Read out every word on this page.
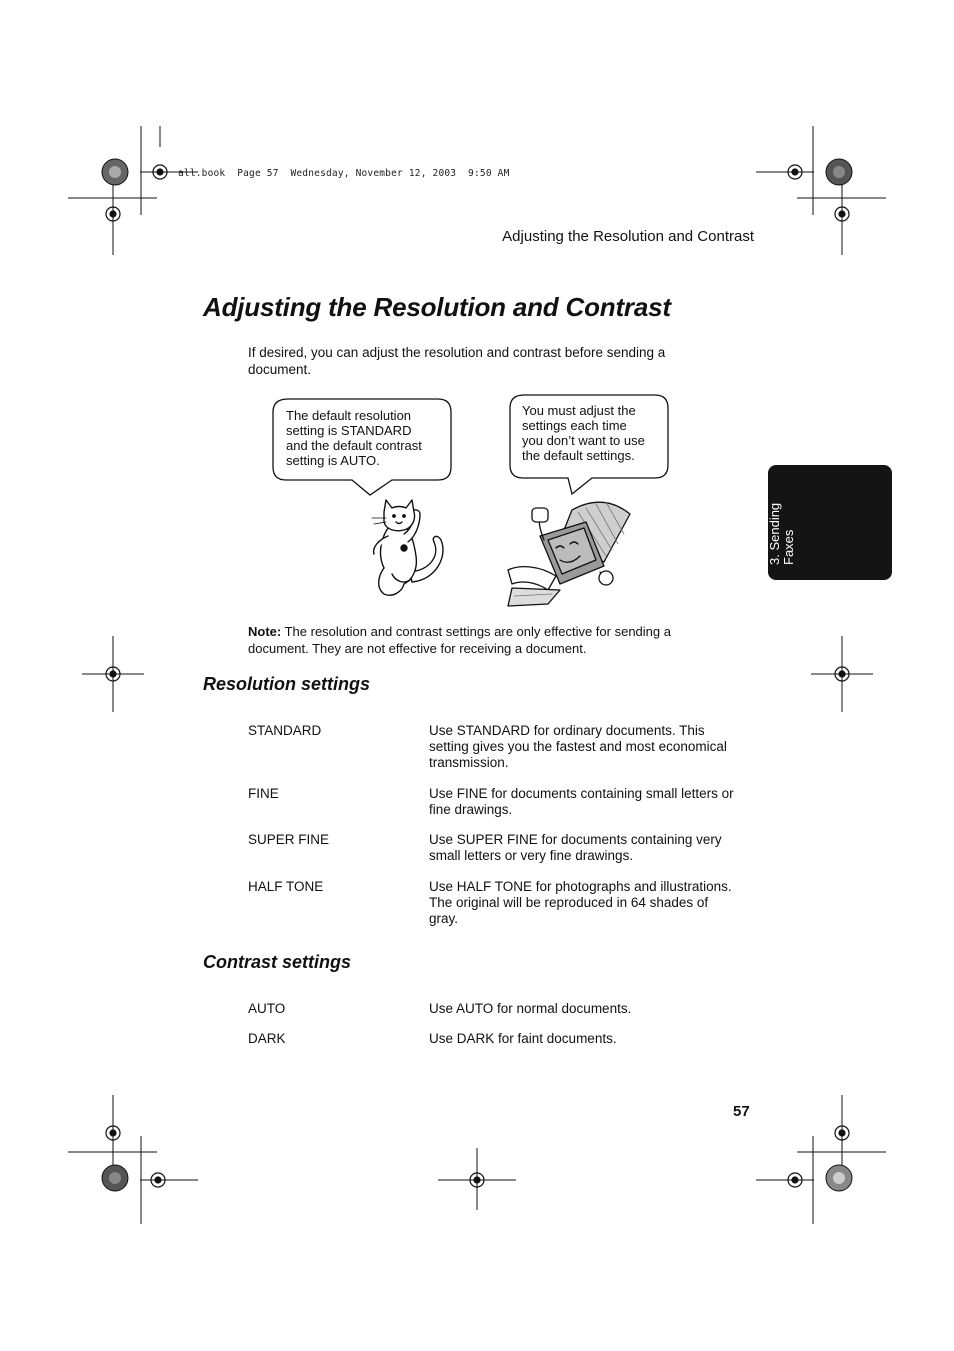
all.book  Page 57  Wednesday, November 12, 2003  9:50 AM
Adjusting the Resolution and Contrast
Adjusting the Resolution and Contrast
If desired, you can adjust the resolution and contrast before sending a document.
The default resolution
setting is STANDARD
and the default contrast
setting is AUTO.
You must adjust the
settings each time
you don’t want to use
the default settings.
Note: The resolution and contrast settings are only effective for sending a document. They are not effective for receiving a document.
Resolution settings
STANDARD	Use STANDARD for ordinary documents. This setting gives you the fastest and most economical transmission.
FINE	Use FINE for documents containing small letters or fine drawings.
SUPER FINE	Use SUPER FINE for documents containing very small letters or very fine drawings.
HALF TONE	Use HALF TONE for photographs and illustrations. The original will be reproduced in 64 shades of gray.
Contrast settings
AUTO	Use AUTO for normal documents.
DARK	Use DARK for faint documents.
3. Sending Faxes
57
